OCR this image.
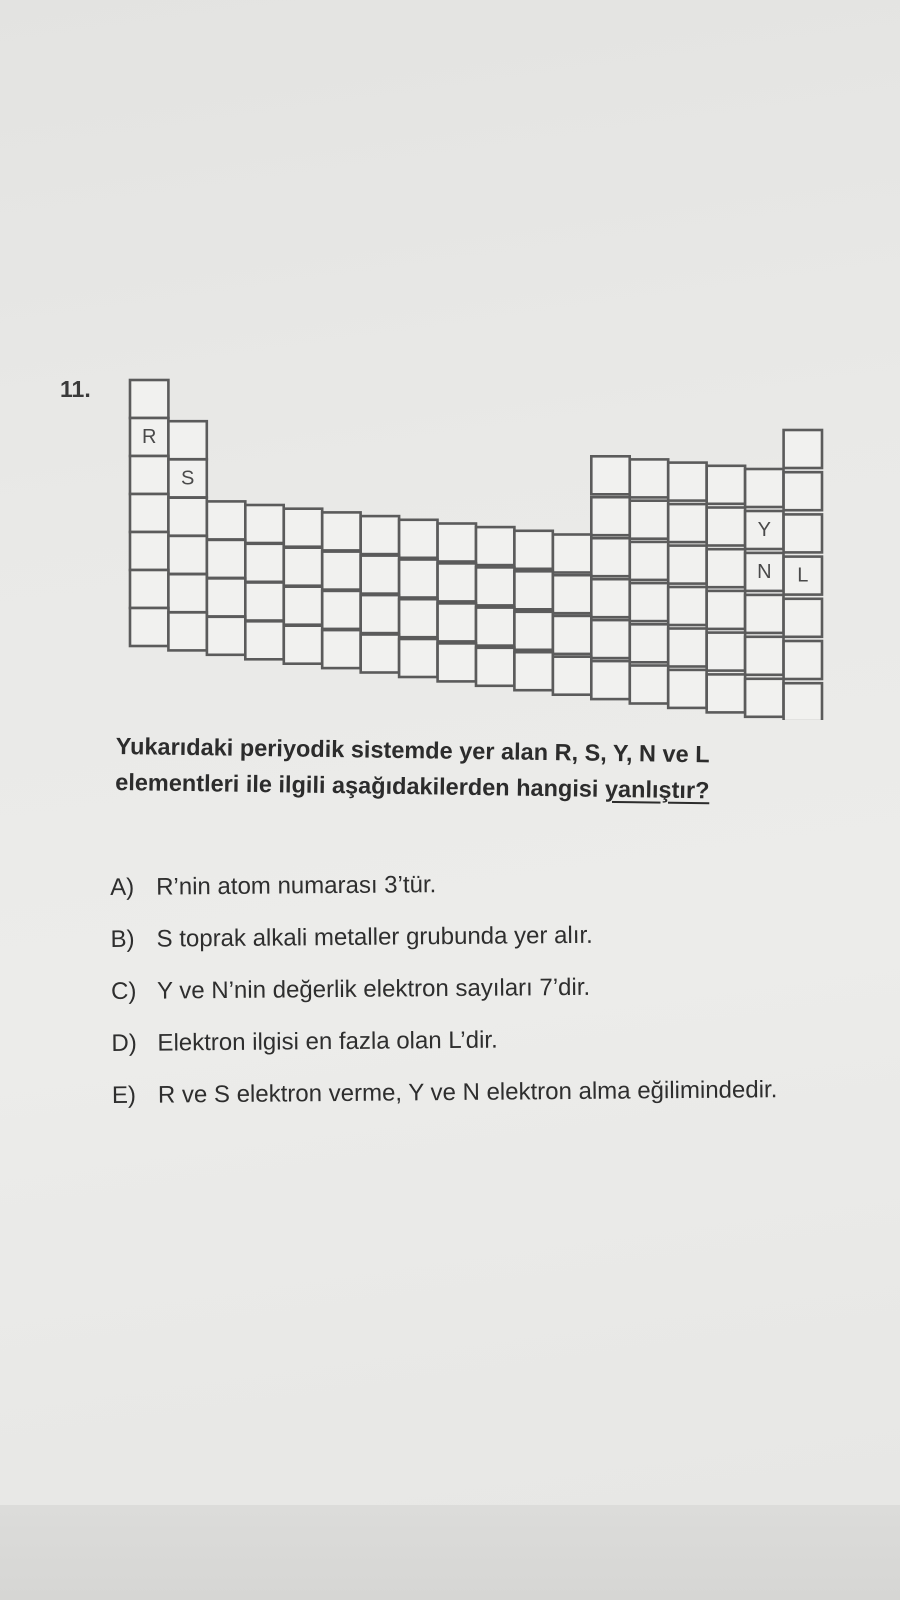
11.

R
S
Y
N L

Yukarıdaki periyodik sistemde yer alan R, S, Y, N ve L elementleri ile ilgili aşağıdakilerden hangisi yanlıştır?

A) R’nin atom numarası 3’tür.
B) S toprak alkali metaller grubunda yer alır.
C) Y ve N’nin değerlik elektron sayıları 7’dir.
D) Elektron ilgisi en fazla olan L’dir.
E) R ve S elektron verme, Y ve N elektron alma eğilimindedir.
